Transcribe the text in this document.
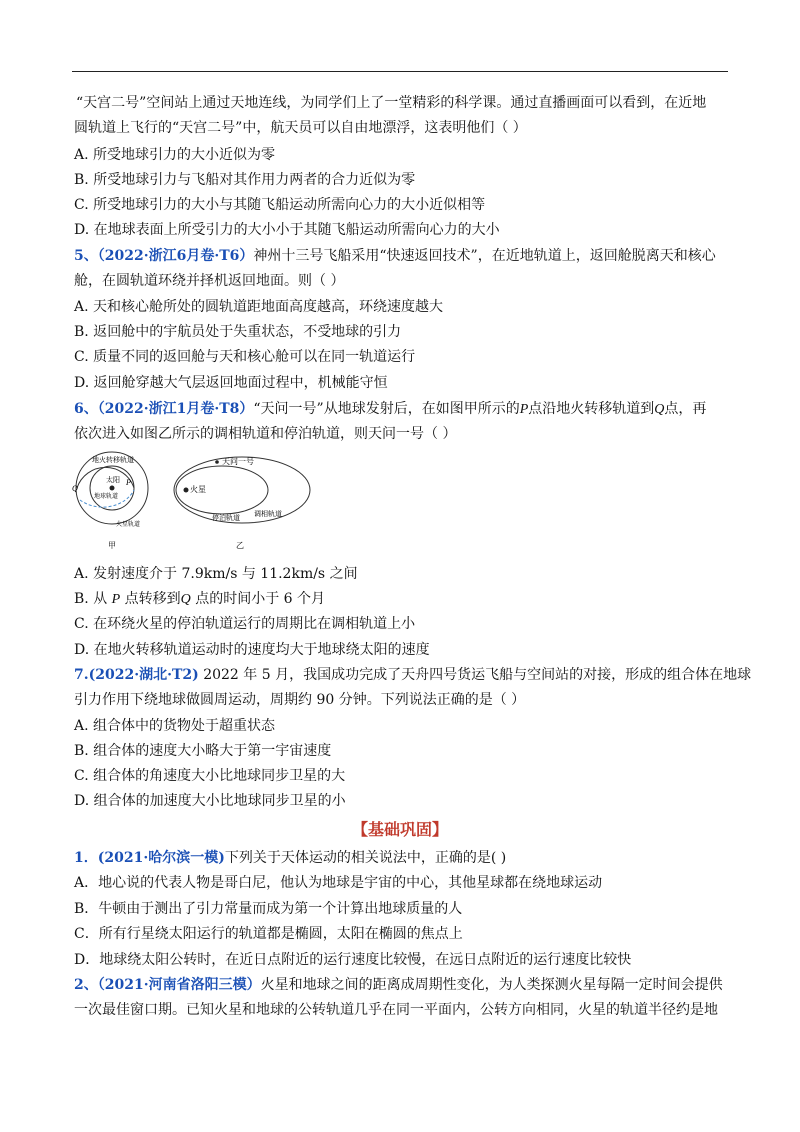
“天宫二号”空间站上通过天地连线，为同学们上了一堂精彩的科学课。通过直播画面可以看到，在近地
圆轨道上飞行的“天宫二号”中，航天员可以自由地漂浮，这表明他们（ ）
A. 所受地球引力的大小近似为零
B. 所受地球引力与飞船对其作用力两者的合力近似为零
C. 所受地球引力的大小与其随飞船运动所需向心力的大小近似相等
D. 在地球表面上所受引力的大小小于其随飞船运动所需向心力的大小
5、（2022·浙江6月卷·T6）神州十三号飞船采用“快速返回技术”，在近地轨道上，返回舱脱离天和核心
舱，在圆轨道环绕并择机返回地面。则（ ）
A. 天和核心舱所处的圆轨道距地面高度越高，环绕速度越大
B. 返回舱中的宇航员处于失重状态，不受地球的引力
C. 质量不同的返回舱与天和核心舱可以在同一轨道运行
D. 返回舱穿越大气层返回地面过程中，机械能守恒
6、（2022·浙江1月卷·T8）“天问一号”从地球发射后，在如图甲所示的P点沿地火转移轨道到Q点，再
依次进入如图乙所示的调相轨道和停泊轨道，则天问一号（ ）
太阳
地火转移轨道
地球轨道
火星轨道
Q
P
甲
火星
天问一号
停泊轨道 调相轨道
乙
A. 发射速度介于 7.9km/s 与 11.2km/s 之间
B. 从 P 点转移到Q 点的时间小于 6 个月
C. 在环绕火星的停泊轨道运行的周期比在调相轨道上小
D. 在地火转移轨道运动时的速度均大于地球绕太阳的速度
7.(2022·湖北·T2) 2022 年 5 月，我国成功完成了天舟四号货运飞船与空间站的对接，形成的组合体在地球
引力作用下绕地球做圆周运动，周期约 90 分钟。下列说法正确的是（ ）
A. 组合体中的货物处于超重状态
B. 组合体的速度大小略大于第一宇宙速度
C. 组合体的角速度大小比地球同步卫星的大
D. 组合体的加速度大小比地球同步卫星的小
【基础巩固】
1．(2021·哈尔滨一模)下列关于天体运动的相关说法中，正确的是( )
A．地心说的代表人物是哥白尼，他认为地球是宇宙的中心，其他星球都在绕地球运动
B．牛顿由于测出了引力常量而成为第一个计算出地球质量的人
C．所有行星绕太阳运行的轨道都是椭圆，太阳在椭圆的焦点上
D．地球绕太阳公转时，在近日点附近的运行速度比较慢，在远日点附近的运行速度比较快
2、（2021·河南省洛阳三模）火星和地球之间的距离成周期性变化，为人类探测火星每隔一定时间会提供
一次最佳窗口期。已知火星和地球的公转轨道几乎在同一平面内，公转方向相同，火星的轨道半径约是地
